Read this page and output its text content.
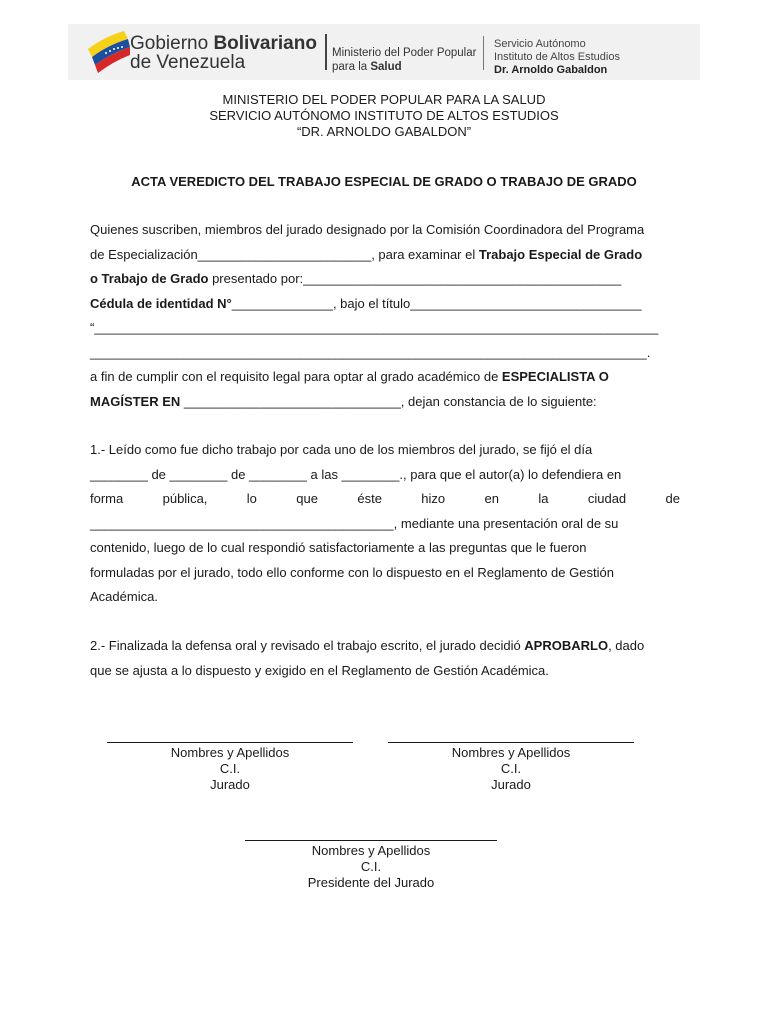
Gobierno Bolivariano
de Venezuela	Ministerio del Poder Popular
para la Salud
Servicio Autónomo
Instituto de Altos Estudios
Dr. Arnoldo Gabaldon
MINISTERIO DEL PODER POPULAR PARA LA SALUD
SERVICIO AUTÓNOMO INSTITUTO DE ALTOS ESTUDIOS
“DR. ARNOLDO GABALDON”
ACTA VEREDICTO DEL TRABAJO ESPECIAL DE GRADO O TRABAJO DE GRADO
Quienes suscriben, miembros del jurado designado por la Comisión Coordinadora del Programa
de Especialización________________________, para examinar el Trabajo Especial de Grado
o Trabajo de Grado presentado por:____________________________________________
Cédula de identidad N°______________, bajo el título________________________________
“______________________________________________________________________________
_____________________________________________________________________________.
a fin de cumplir con el requisito legal para optar al grado académico de ESPECIALISTA O
MAGÍSTER EN ______________________________, dejan constancia de lo siguiente:
1.- Leído como fue dicho trabajo por cada uno de los miembros del jurado, se fijó el día
________ de ________ de ________ a las ________., para que el autor(a) lo defendiera en
forma pública, lo que éste hizo en la ciudad de
__________________________________________, mediante una presentación oral de su
contenido, luego de lo cual respondió satisfactoriamente a las preguntas que le fueron
formuladas por el jurado, todo ello conforme con lo dispuesto en el Reglamento de Gestión
Académica.
2.- Finalizada la defensa oral y revisado el trabajo escrito, el jurado decidió APROBARLO, dado
que se ajusta a lo dispuesto y exigido en el Reglamento de Gestión Académica.
Nombres y Apellidos
C.I.
Jurado
Nombres y Apellidos
C.I.
Jurado
Nombres y Apellidos
C.I.
Presidente del Jurado
